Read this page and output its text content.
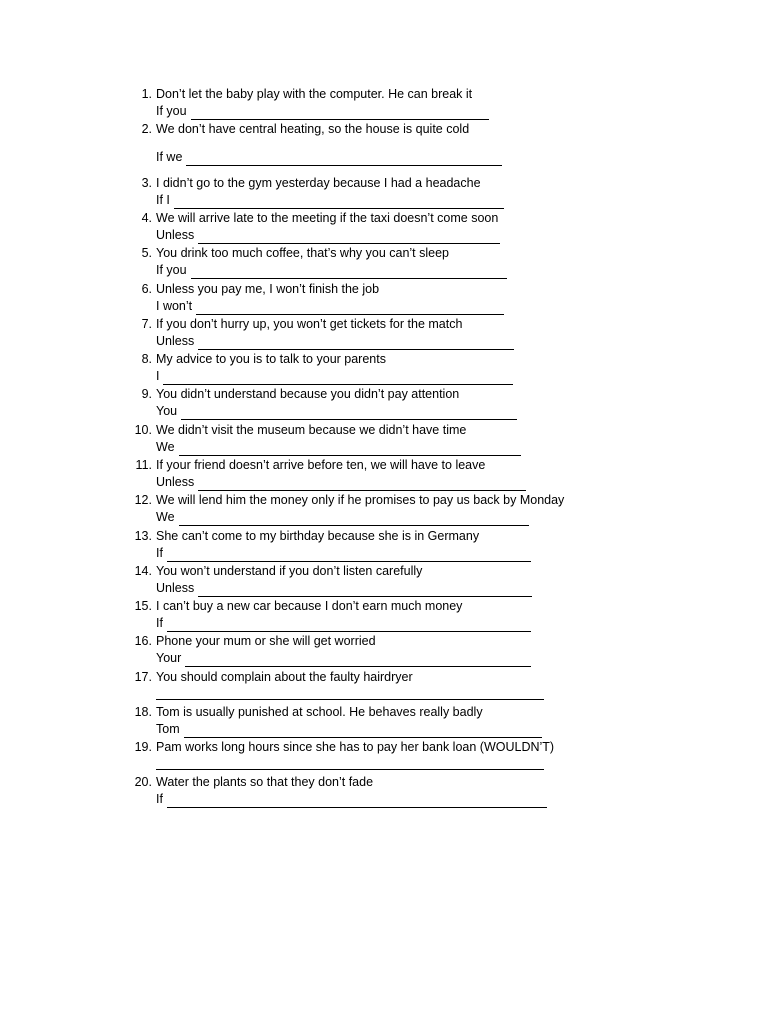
1. Don’t let the baby play with the computer. He can break it
If you
2. We don’t have central heating, so the house is quite cold
If we
3. I didn’t go to the gym yesterday because I had a headache
If I
4. We will arrive late to the meeting if the taxi doesn’t come soon
Unless
5. You drink too much coffee, that’s why you can’t sleep
If you
6. Unless you pay me, I won’t finish the job
I won’t
7. If you don’t hurry up, you won’t get tickets for the match
Unless
8. My advice to you is to talk to your parents
I
9. You didn’t understand because you didn’t pay attention
You
10. We didn’t visit the museum because we didn’t have time
We
11. If your friend doesn’t arrive before ten, we will have to leave
Unless
12. We will lend him the money only if he promises to pay us back by Monday
We
13. She can’t come to my birthday because she is in Germany
If
14. You won’t understand if you don’t listen carefully
Unless
15. I can’t buy a new car because I don’t earn much money
If
16. Phone your mum or she will get worried
Your
17. You should complain about the faulty hairdryer
18. Tom is usually punished at school. He behaves really badly
Tom
19. Pam works long hours since she has to pay her bank loan (WOULDN’T)
20. Water the plants so that they don’t fade
If
